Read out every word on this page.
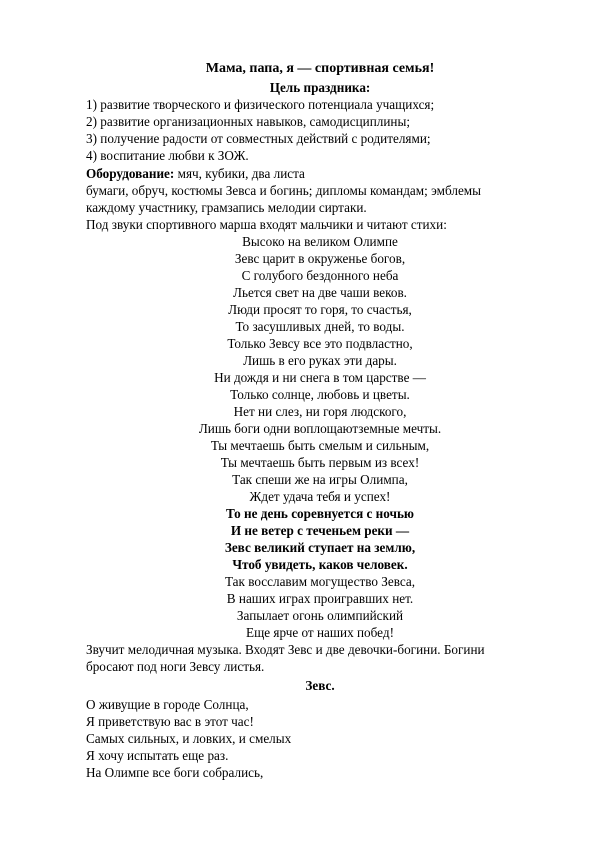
Мама, папа, я — спортивная семья!
Цель праздника:
1) развитие творческого и физического потенциала учащихся;
2) развитие организационных навыков, самодисциплины;
3) получение радости от совместных действий с родителями;
4) воспитание любви к ЗОЖ.
Оборудование: мяч, кубики, два листа
бумаги, обруч, костюмы Зевса и богинь; дипломы командам; эмблемы
каждому участнику, грамзапись мелодии сиртаки.
Под звуки спортивного марша входят мальчики и читают стихи:
Высоко на великом Олимпе
Зевс царит в окруженье богов,
С голубого бездонного неба
Льется свет на две чаши веков.
Люди просят то горя, то счастья,
То засушливых дней, то воды.
Только Зевсу все это подвластно,
Лишь в его руках эти дары.
Ни дождя и ни снега в том царстве —
Только солнце, любовь и цветы.
Нет ни слез, ни горя людского,
Лишь боги одни воплощаютземные мечты.
Ты мечтаешь быть смелым и сильным,
Ты мечтаешь быть первым из всех!
Так спеши же на игры Олимпа,
Ждет удача тебя и успех!
То не день соревнуется с ночью
И не ветер с теченьем реки —
Зевс великий ступает на землю,
Чтоб увидеть, каков человек.
Так восславим могущество Зевса,
В наших играх проигравших нет.
Запылает огонь олимпийский
Еще ярче от наших побед!
Звучит мелодичная музыка. Входят Зевс и две девочки-богини. Богини
бросают под ноги Зевсу листья.
Зевс.
О живущие в городе Солнца,
Я приветствую вас в этот час!
Самых сильных, и ловких, и смелых
Я хочу испытать еще раз.
На Олимпе все боги собрались,
